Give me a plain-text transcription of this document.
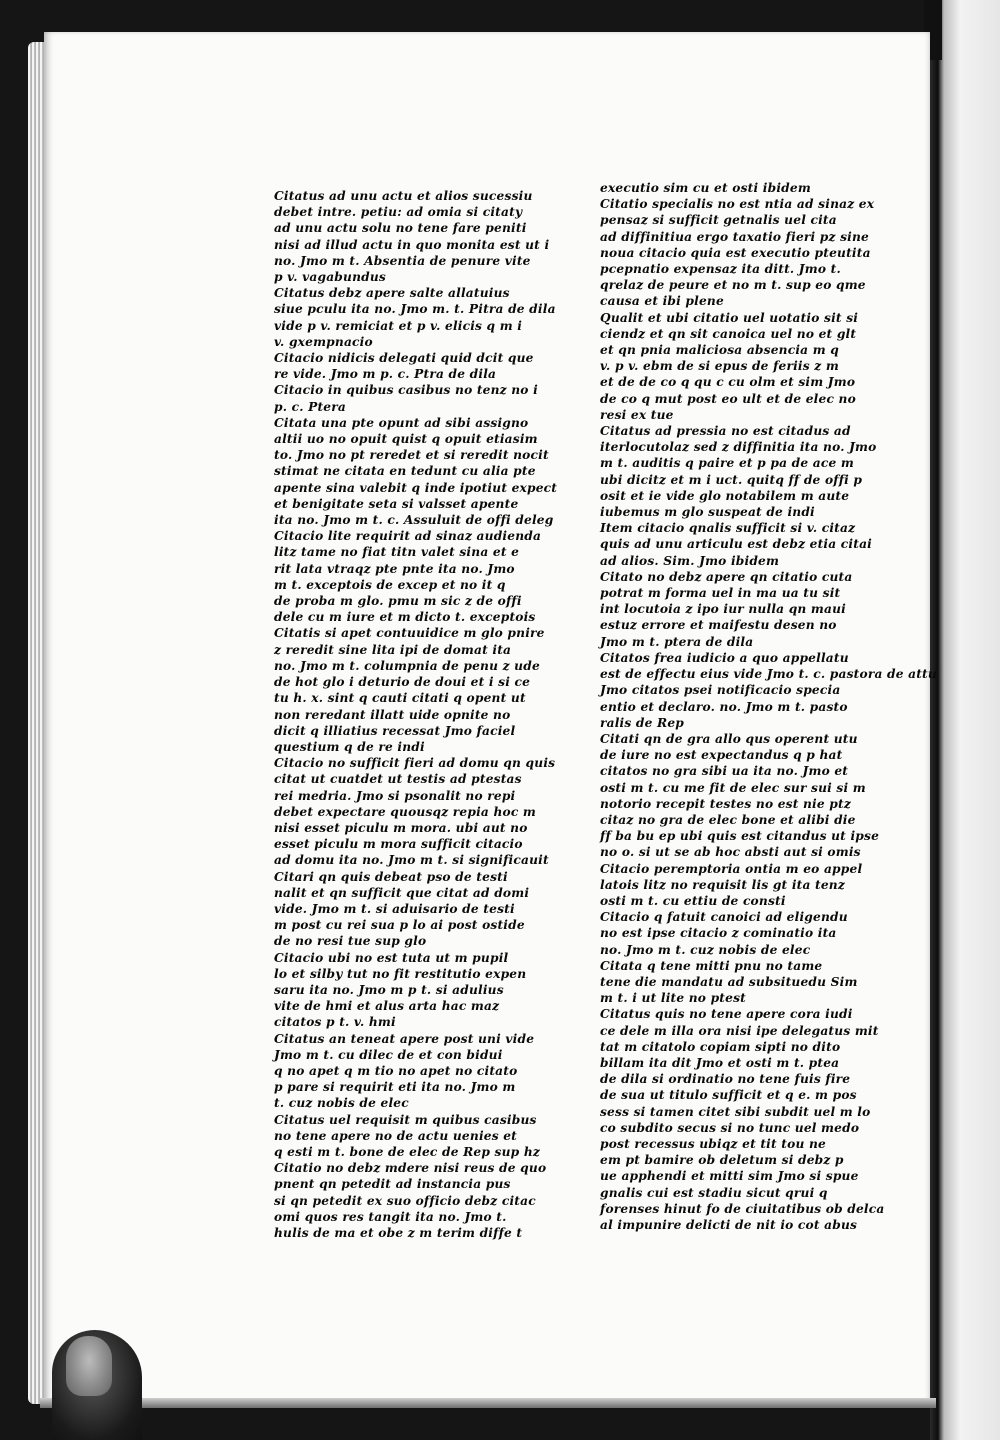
Citatus ad unu actu et alios sucessiu
debet intre. petiu: ad omia si citaty
ad unu actu solu no tene fare peniti
nisi ad illud actu in quo monita est ut i
no. Jmo m t. Absentia de penure vite
p v. vagabundus
Citatus debz apere salte allatuius
siue pculu ita no. Jmo m. t. Pitra de dila
vide p v. remiciat et p v. elicis q m i
v. gxempnacio
Citacio nidicis delegati quid dcit que
re vide. Jmo m p. c. Ptra de dila
Citacio in quibus casibus no tenz no i
p. c. Ptera
Citata una pte opunt ad sibi assigno
altii uo no opuit quist q opuit etiasim
to. Jmo no pt reredet et si reredit nocit
stimat ne citata en tedunt cu alia pte
apente sina valebit q inde ipotiut expect
et benigitate seta si valsset apente
ita no. Jmo m t. c. Assuluit de offi deleg
Citacio lite requirit ad sinaz audienda
litz tame no fiat titn valet sina et e
rit lata vtraqz pte pnte ita no. Jmo
m t. exceptois de excep et no it q
de proba m glo. pmu m sic z de offi
dele cu m iure et m dicto t. exceptois
Citatis si apet contuuidice m glo pnire
z reredit sine lita ipi de domat ita
no. Jmo m t. columpnia de penu z ude
de hot glo i deturio de doui et i si ce
tu h. x. sint q cauti citati q opent ut
non reredant illatt uide opnite no
dicit q illiatius recessat Jmo faciel
questium q de re indi
Citacio no sufficit fieri ad domu qn quis
citat ut cuatdet ut testis ad ptestas
rei medria. Jmo si psonalit no repi
debet expectare quousqz repia hoc m
nisi esset piculu m mora. ubi aut no
esset piculu m mora sufficit citacio
ad domu ita no. Jmo m t. si significauit
Citari qn quis debeat pso de testi
nalit et qn sufficit que citat ad domi
vide. Jmo m t. si aduisario de testi
m post cu rei sua p lo ai post ostide
de no resi tue sup glo
Citacio ubi no est tuta ut m pupil
lo et silby tut no fit restitutio expen
saru ita no. Jmo m p t. si adulius
vite de hmi et alus arta hac maz
citatos p t. v. hmi
Citatus an teneat apere post uni vide
Jmo m t. cu dilec de et con bidui
q no apet q m tio no apet no citato
p pare si requirit eti ita no. Jmo m
t. cuz nobis de elec
Citatus uel requisit m quibus casibus
no tene apere no de actu uenies et
q esti m t. bone de elec de Rep sup hz
Citatio no debz mdere nisi reus de quo
pnent qn petedit ad instancia pus
si qn petedit ex suo officio debz citac
omi quos res tangit ita no. Jmo t.
hulis de ma et obe z m terim diffe t
executio sim cu et osti ibidem
Citatio specialis no est ntia ad sinaz ex
pensaz si sufficit getnalis uel cita
ad diffinitiua ergo taxatio fieri pz sine
noua citacio quia est executio pteutita
pcepnatio expensaz ita ditt. Jmo t.
qrelaz de peure et no m t. sup eo qme
causa et ibi plene
Qualit et ubi citatio uel uotatio sit si
ciendz et qn sit canoica uel no et glt
et qn pnia maliciosa absencia m q
v. p v. ebm de si epus de feriis z m
et de de co q qu c cu olm et sim Jmo
de co q mut post eo ult et de elec no
resi ex tue
Citatus ad pressia no est citadus ad
iterlocutolaz sed z diffinitia ita no. Jmo
m t. auditis q paire et p pa de ace m
ubi dicitz et m i uct. quitq ff de offi p
osit et ie vide glo notabilem m aute
iubemus m glo suspeat de indi
Item citacio qnalis sufficit si v. citaz
quis ad unu articulu est debz etia citai
ad alios. Sim. Jmo ibidem
Citato no debz apere qn citatio cuta
potrat m forma uel in ma ua tu sit
int locutoia z ipo iur nulla qn maui
estuz errore et maifestu desen no
Jmo m t. ptera de dila
Citatos frea iudicio a quo appellatu
est de effectu eius vide Jmo t. c. pastora de attu
Jmo citatos psei notificacio specia
entio et declaro. no. Jmo m t. pasto
ralis de Rep
Citati qn de gra allo qus operent utu
de iure no est expectandus q p hat
citatos no gra sibi ua ita no. Jmo et
osti m t. cu me fit de elec sur sui si m
notorio recepit testes no est nie ptz
citaz no gra de elec bone et alibi die
ff ba bu ep ubi quis est citandus ut ipse
no o. si ut se ab hoc absti aut si omis
Citacio peremptoria ontia m eo appel
latois litz no requisit lis gt ita tenz
osti m t. cu ettiu de consti
Citacio q fatuit canoici ad eligendu
no est ipse citacio z cominatio ita
no. Jmo m t. cuz nobis de elec
Citata q tene mitti pnu no tame
tene die mandatu ad subsituedu Sim
m t. i ut lite no ptest
Citatus quis no tene apere cora iudi
ce dele m illa ora nisi ipe delegatus mit
tat m citatolo copiam sipti no dito
billam ita dit Jmo et osti m t. ptea
de dila si ordinatio no tene fuis fire
de sua ut titulo sufficit et q e. m pos
sess si tamen citet sibi subdit uel m lo
co subdito secus si no tunc uel medo
post recessus ubiqz et tit tou ne
em pt bamire ob deletum si debz p
ue apphendi et mitti sim Jmo si spue
gnalis cui est stadiu sicut qrui q
forenses hinut fo de ciuitatibus ob delca
al impunire delicti de nit io cot abus
